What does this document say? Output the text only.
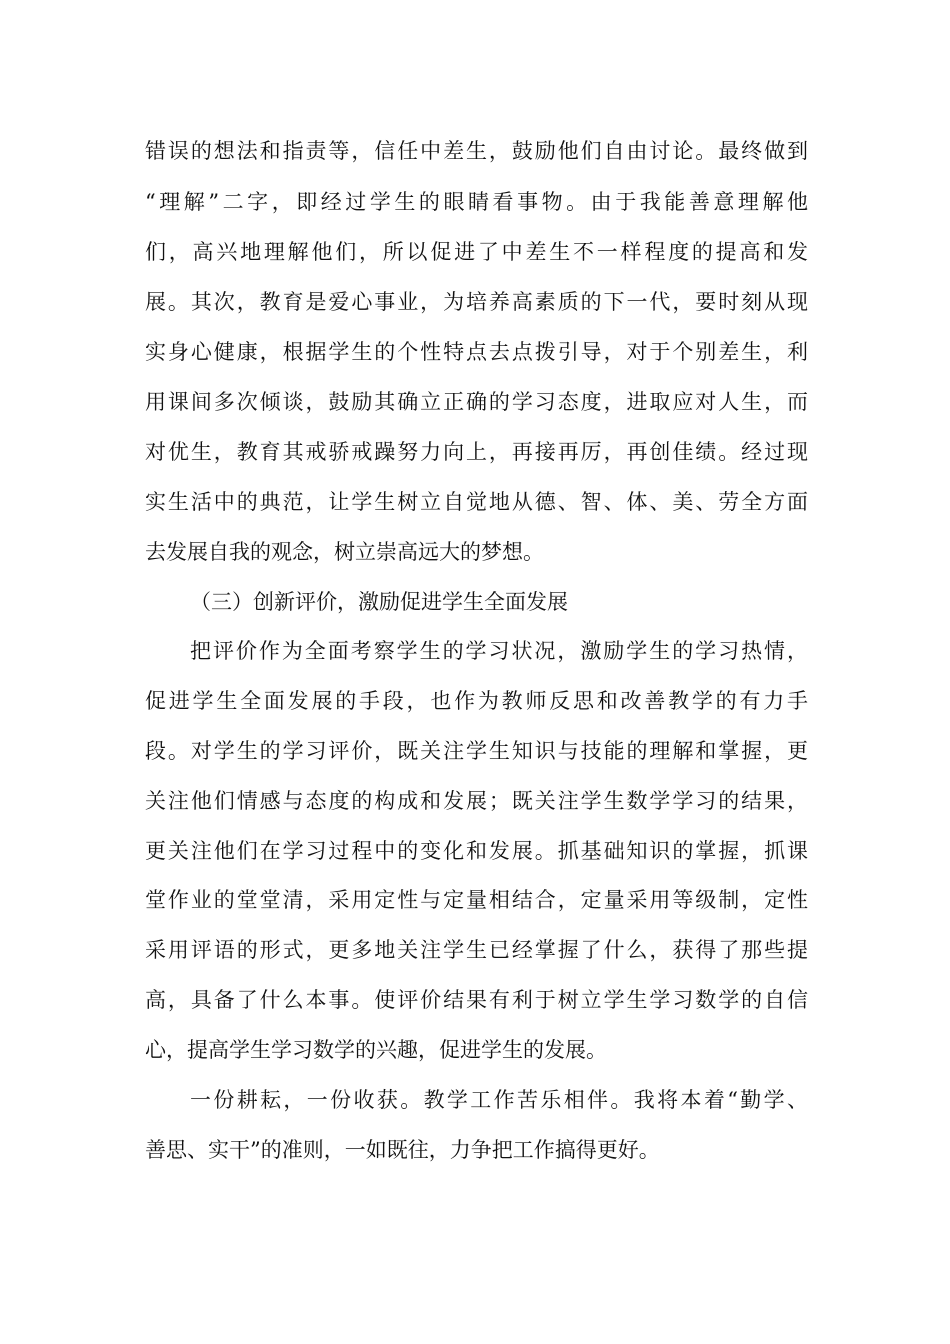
错误的想法和指责等，信任中差生，鼓励他们自由讨论。最终做到
“理解”二字，即经过学生的眼睛看事物。由于我能善意理解他
们，高兴地理解他们，所以促进了中差生不一样程度的提高和发
展。其次，教育是爱心事业，为培养高素质的下一代，要时刻从现
实身心健康，根据学生的个性特点去点拨引导，对于个别差生，利
用课间多次倾谈，鼓励其确立正确的学习态度，进取应对人生，而
对优生，教育其戒骄戒躁努力向上，再接再厉，再创佳绩。经过现
实生活中的典范，让学生树立自觉地从德、智、体、美、劳全方面
去发展自我的观念，树立崇高远大的梦想。
（三）创新评价，激励促进学生全面发展
把评价作为全面考察学生的学习状况，激励学生的学习热情，
促进学生全面发展的手段，也作为教师反思和改善教学的有力手
段。对学生的学习评价，既关注学生知识与技能的理解和掌握，更
关注他们情感与态度的构成和发展；既关注学生数学学习的结果，
更关注他们在学习过程中的变化和发展。抓基础知识的掌握，抓课
堂作业的堂堂清，采用定性与定量相结合，定量采用等级制，定性
采用评语的形式，更多地关注学生已经掌握了什么，获得了那些提
高，具备了什么本事。使评价结果有利于树立学生学习数学的自信
心，提高学生学习数学的兴趣，促进学生的发展。
一份耕耘，一份收获。教学工作苦乐相伴。我将本着“勤学、
善思、实干”的准则，一如既往，力争把工作搞得更好。
